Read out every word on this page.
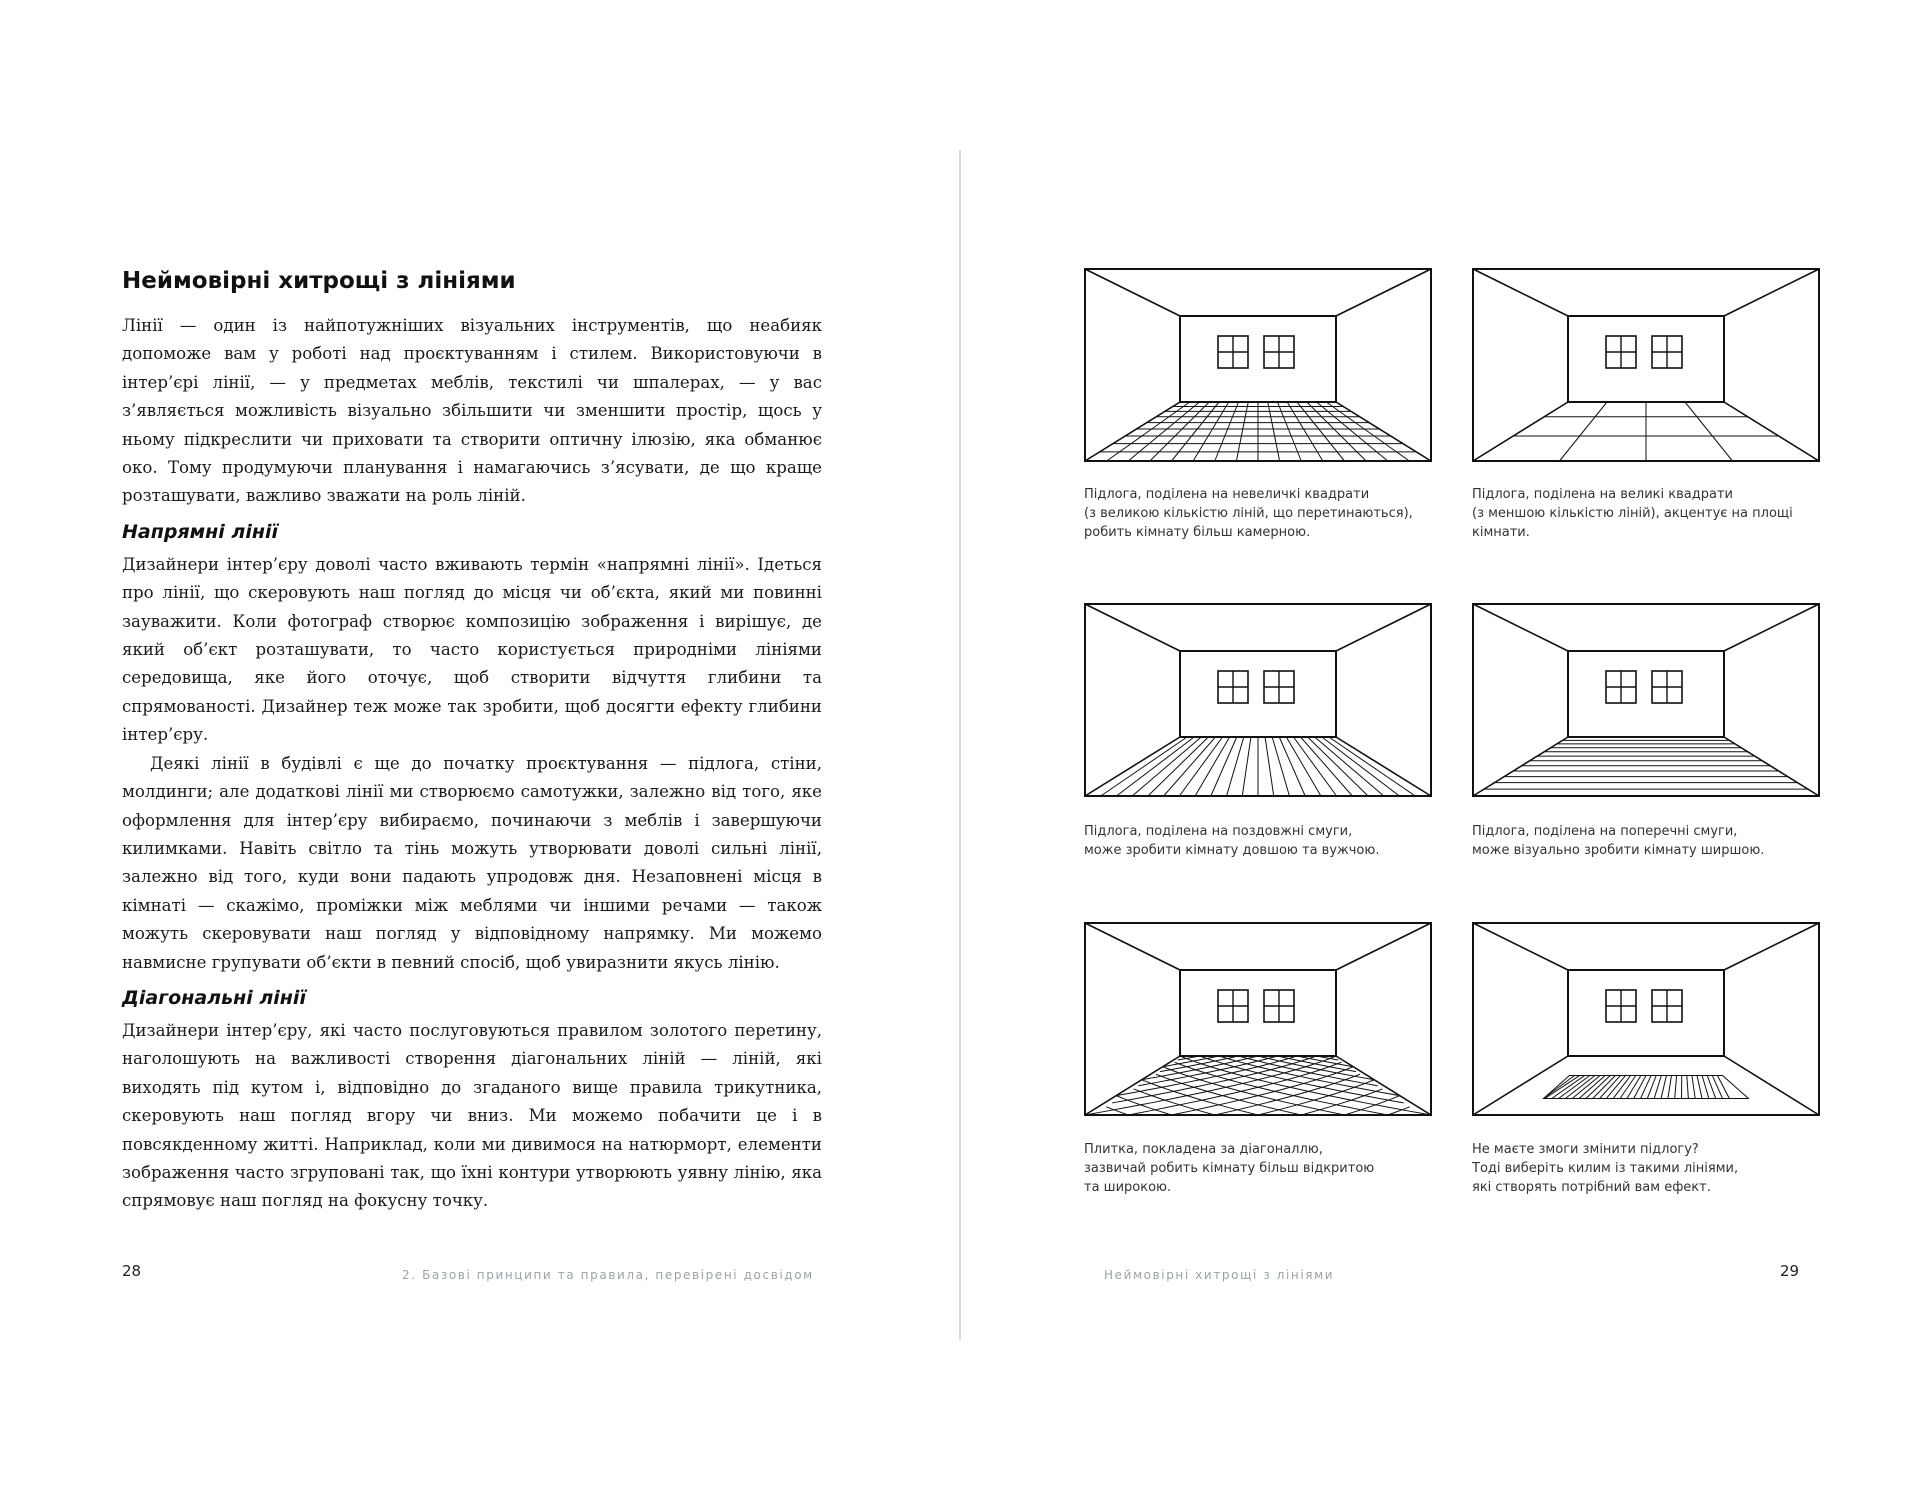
Неймовірні хитрощі з лініями

Лінії — один із найпотужніших візуальних інструментів, що неабияк допоможе вам у роботі над проєктуванням і стилем. Використовуючи в інтер’єрі лінії, — у предметах меблів, текстилі чи шпалерах, — у вас з’являється можливість візуально збільшити чи зменшити простір, щось у ньому підкреслити чи приховати та створити оптичну ілюзію, яка обманює око. Тому продумуючи планування і намагаючись з’ясувати, де що краще розташувати, важливо зважати на роль ліній.

Напрямні лінії

Дизайнери інтер’єру доволі часто вживають термін «напрямні лінії». Ідеться про лінії, що скеровують наш погляд до місця чи об’єкта, який ми повинні зауважити. Коли фотограф створює композицію зображення і вирішує, де який об’єкт розташувати, то часто користується природніми лініями середовища, яке його оточує, щоб створити відчуття глибини та спрямованості. Дизайнер теж може так зробити, щоб досягти ефекту глибини інтер’єру.

Деякі лінії в будівлі є ще до початку проєктування — підлога, стіни, молдинги; але додаткові лінії ми створюємо самотужки, залежно від того, яке оформлення для інтер’єру вибираємо, починаючи з меблів і завершуючи килимками. Навіть світло та тінь можуть утворювати доволі сильні лінії, залежно від того, куди вони падають упродовж дня. Незаповнені місця в кімнаті — скажімо, проміжки між меблями чи іншими речами — також можуть скеровувати наш погляд у відповідному напрямку. Ми можемо навмисне групувати об’єкти в певний спосіб, щоб увиразнити якусь лінію.

Діагональні лінії

Дизайнери інтер’єру, які часто послуговуються правилом золотого перетину, наголошують на важливості створення діагональних ліній — ліній, які виходять під кутом і, відповідно до згаданого вище правила трикутника, скеровують наш погляд вгору чи вниз. Ми можемо побачити це і в повсякденному житті. Наприклад, коли ми дивимося на натюрморт, елементи зображення часто згруповані так, що їхні контури утворюють уявну лінію, яка спрямовує наш погляд на фокусну точку.

28	2. Базові принципи та правила, перевірені досвідом	Неймовірні хитрощі з лініями	29
Підлога, поділена на невеличкі квадрати
(з великою кількістю ліній, що перетинаються),
робить кімнату більш камерною.
Підлога, поділена на великі квадрати
(з меншою кількістю ліній), акцентує на площі
кімнати.
Підлога, поділена на поздовжні смуги,
може зробити кімнату довшою та вужчою.
Підлога, поділена на поперечні смуги,
може візуально зробити кімнату ширшою.
Плитка, покладена за діагоналлю,
зазвичай робить кімнату більш відкритою
та широкою.
Не маєте змоги змінити підлогу?
Тоді виберіть килим із такими лініями,
які створять потрібний вам ефект.
